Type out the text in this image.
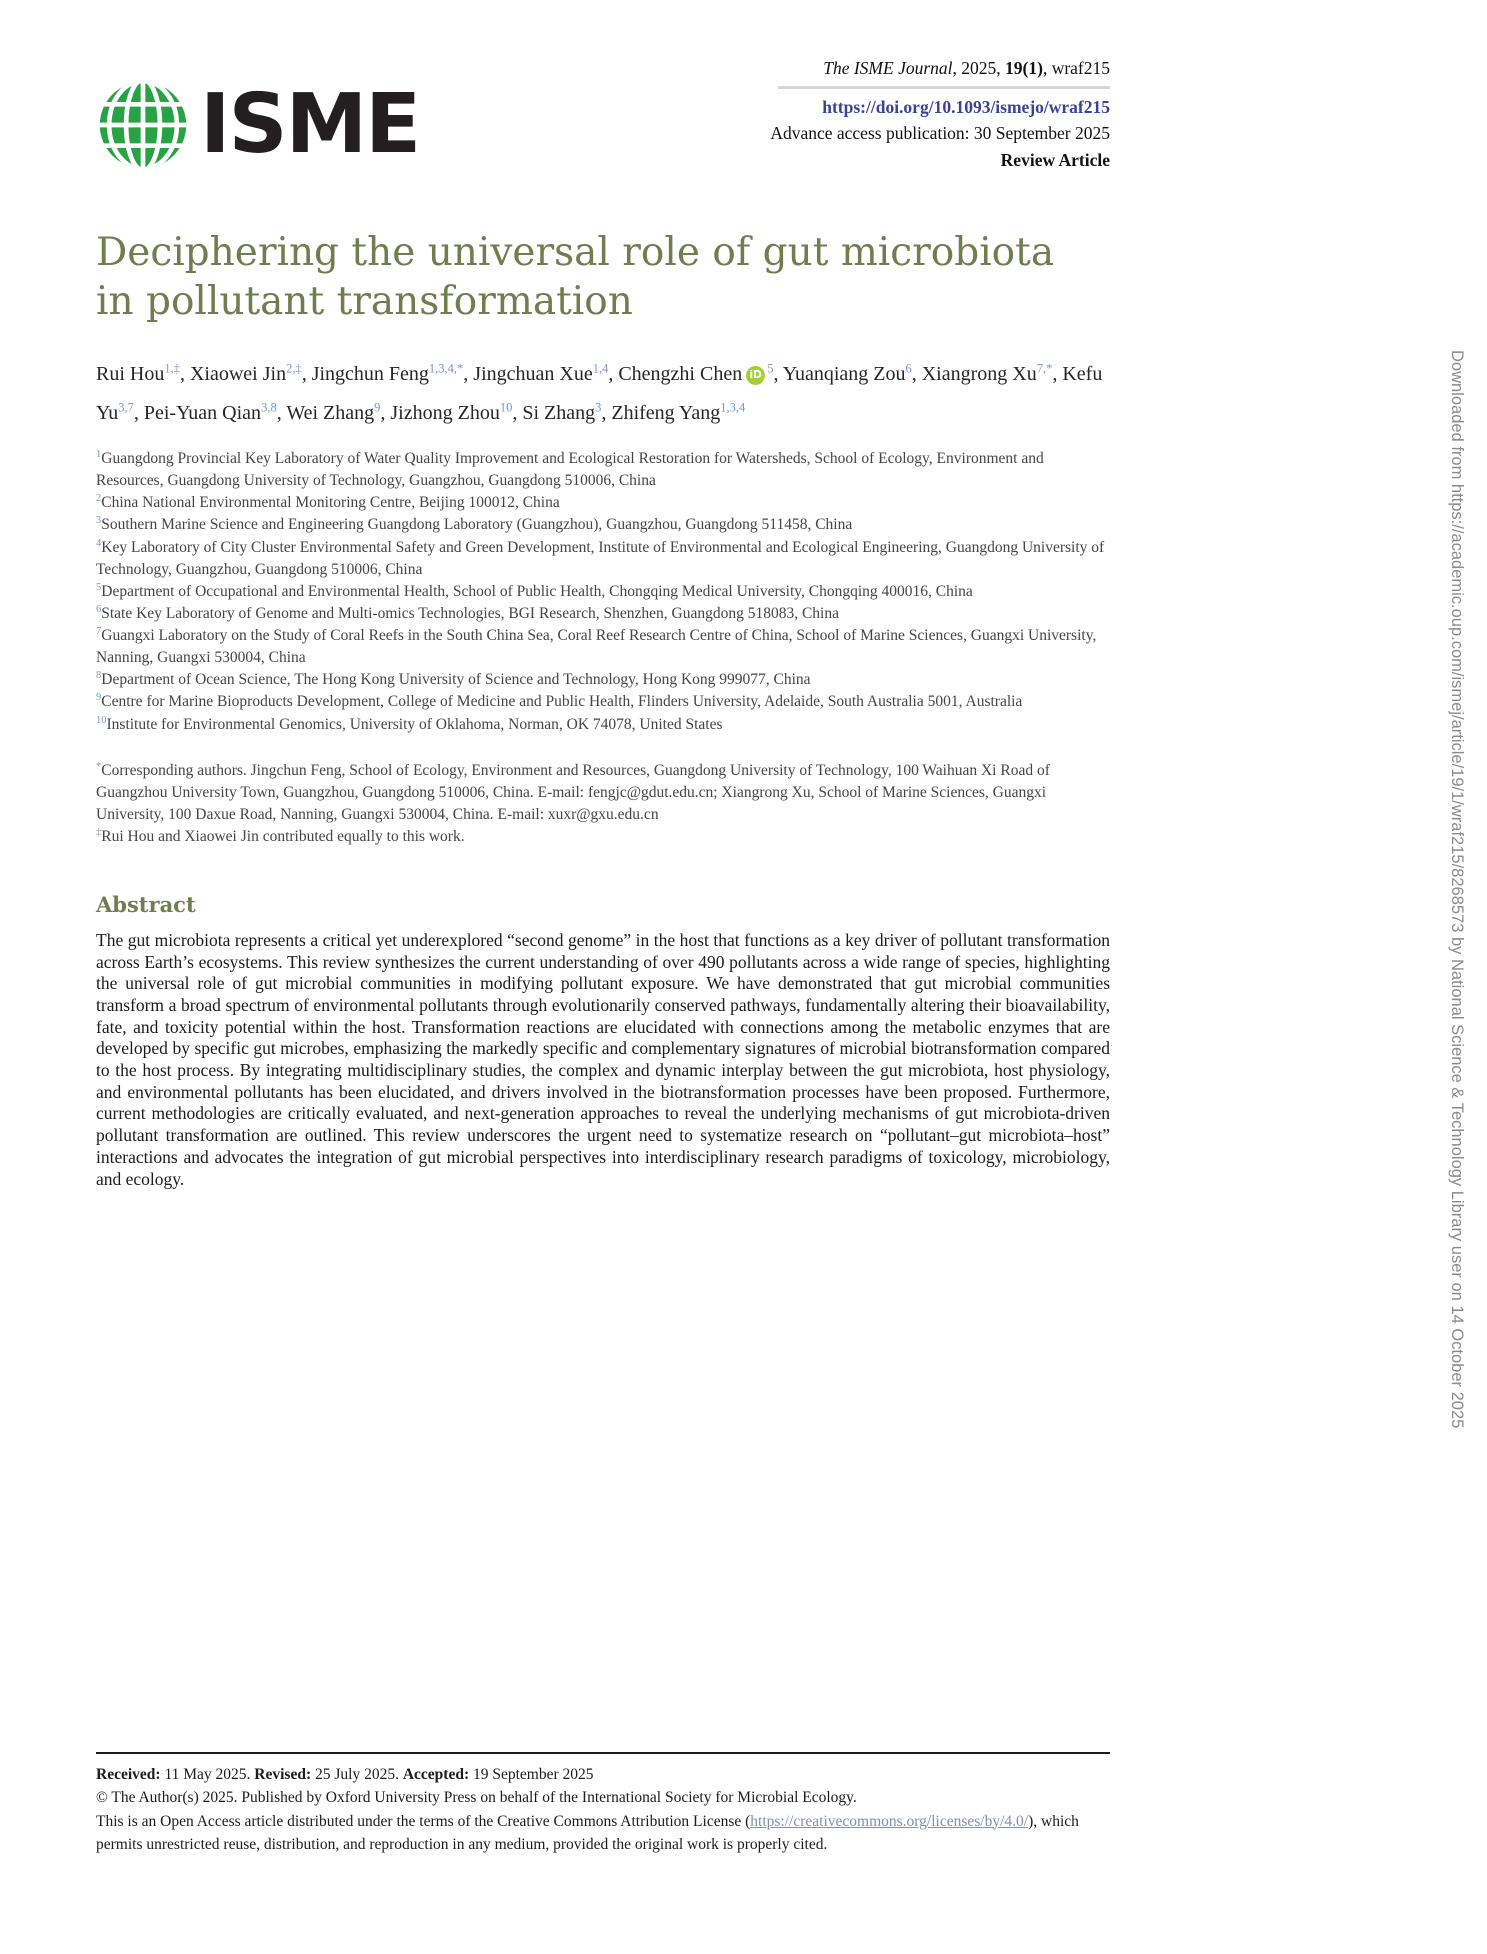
Downloaded from https://academic.oup.com/ismej/article/19/1/wraf215/8268573 by National Science & Technology Library user on 14 October 2025
ISME
The ISME Journal, 2025, 19(1), wraf215
https://doi.org/10.1093/ismejo/wraf215
Advance access publication: 30 September 2025
Review Article
Deciphering the universal role of gut microbiota in pollutant transformation
Rui Hou$^{1,\ddagger}$, Xiaowei Jin$^{2,\ddagger}$, Jingchun Feng$^{1,3,4,*}$, Jingchuan Xue$^{1,4}$, Chengzhi Chen iD $^5$, Yuanqiang Zou$^6$, Xiangrong $Xu^{7,*}$, Kefu Yu$^{3,7}$, Pei-Yuan Qian$^{3,8}$, Wei Zhang$^9$, Jizhong Zhou$^{10}$, Si Zhang$^3$, Zhifeng Yang$^{1,3,4}$
$^1$Guangdong Provincial Key Laboratory of Water Quality Improvement and Ecological Restoration for Watersheds, School of Ecology, Environment and Resources, Guangdong University of Technology, Guangzhou, Guangdong 510006, China
$^2$China National Environmental Monitoring Centre, Beijing 100012, China
$^3$Southern Marine Science and Engineering Guangdong Laboratory (Guangzhou), Guangzhou, Guangdong 511458, China
$^4$Key Laboratory of City Cluster Environmental Safety and Green Development, Institute of Environmental and Ecological Engineering, Guangdong University of Technology, Guangzhou, Guangdong 510006, China
$^5$Department of Occupational and Environmental Health, School of Public Health, Chongqing Medical University, Chongqing 400016, China
$^6$State Key Laboratory of Genome and Multi-omics Technologies, BGI Research, Shenzhen, Guangdong 518083, China
$^7$Guangxi Laboratory on the Study of Coral Reefs in the South China Sea, Coral Reef Research Centre of China, School of Marine Sciences, Guangxi University, Nanning, Guangxi 530004, China
$^8$Department of Ocean Science, The Hong Kong University of Science and Technology, Hong Kong 999077, China
$^9$Centre for Marine Bioproducts Development, College of Medicine and Public Health, Flinders University, Adelaide, South Australia 5001, Australia
$^{10}$Institute for Environmental Genomics, University of Oklahoma, Norman, OK 74078, United States

*Corresponding authors. Jingchun Feng, School of Ecology, Environment and Resources, Guangdong University of Technology, 100 Waihuan Xi Road of Guangzhou University Town, Guangzhou, Guangdong 510006, China. E-mail: fengjc@gdut.edu.cn; Xiangrong Xu, School of Marine Sciences, Guangxi University, 100 Daxue Road, Nanning, Guangxi 530004, China. E-mail: xuxr@gxu.edu.cn

‡Rui Hou and Xiaowei Jin contributed equally to this work.

Abstract

The gut microbiota represents a critical yet underexplored “second genome” in the host that functions as a key driver of pollutant transformation across Earth’s ecosystems. This review synthesizes the current understanding of over 490 pollutants across a wide range of species, highlighting the universal role of gut microbial communities in modifying pollutant exposure. We have demonstrated that gut microbial communities transform a broad spectrum of environmental pollutants through evolutionarily conserved pathways, fundamentally altering their bioavailability, fate, and toxicity potential within the host. Transformation reactions are elucidated with connections among the metabolic enzymes that are developed by specific gut microbes, emphasizing the markedly specific and complementary signatures of microbial biotransformation compared to the host process. By integrating multidisciplinary studies, the complex and dynamic interplay between the gut microbiota, host physiology, and environmental pollutants has been elucidated, and drivers involved in the biotransformation processes have been proposed. Furthermore, current methodologies are critically evaluated, and next-generation approaches to reveal the underlying mechanisms of gut microbiota-driven pollutant transformation are outlined. This review underscores the urgent need to systematize research on “pollutant–gut microbiota–host” interactions and advocates the integration of gut microbial perspectives into interdisciplinary research paradigms of toxicology, microbiology, and ecology.

Received: 11 May 2025. Revised: 25 July 2025. Accepted: 19 September 2025
© The Author(s) 2025. Published by Oxford University Press on behalf of the International Society for Microbial Ecology.
This is an Open Access article distributed under the terms of the Creative Commons Attribution License (https://creativecommons.org/licenses/by/4.0/), which permits unrestricted reuse, distribution, and reproduction in any medium, provided the original work is properly cited.
